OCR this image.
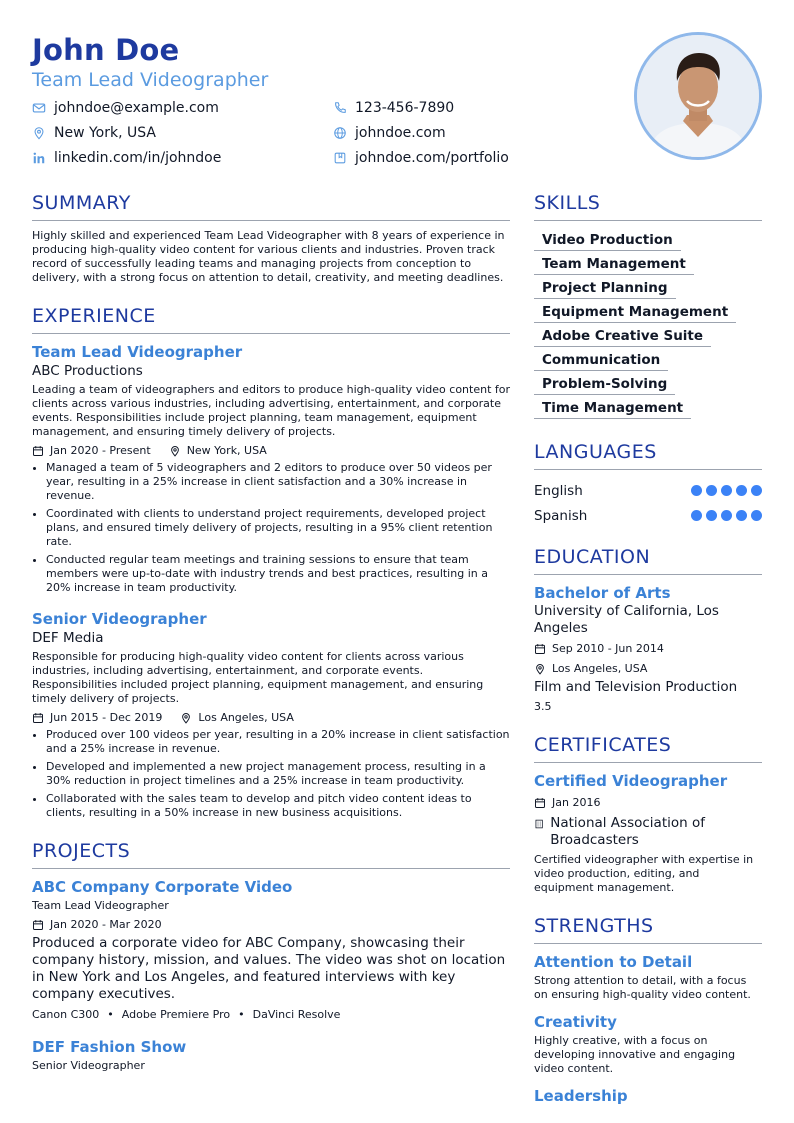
John Doe
Team Lead Videographer
johndoe@example.com	123-456-7890
New York, USA	johndoe.com
linkedin.com/in/johndoe	johndoe.com/portfolio
SUMMARY
Highly skilled and experienced Team Lead Videographer with 8 years of experience in producing high-quality video content for various clients and industries. Proven track record of successfully leading teams and managing projects from conception to delivery, with a strong focus on attention to detail, creativity, and meeting deadlines.
EXPERIENCE
Team Lead Videographer
ABC Productions
Leading a team of videographers and editors to produce high-quality video content for clients across various industries, including advertising, entertainment, and corporate events. Responsibilities include project planning, team management, equipment management, and ensuring timely delivery of projects.
Jan 2020 - Present	New York, USA
• Managed a team of 5 videographers and 2 editors to produce over 50 videos per year, resulting in a 25% increase in client satisfaction and a 30% increase in revenue.
• Coordinated with clients to understand project requirements, developed project plans, and ensured timely delivery of projects, resulting in a 95% client retention rate.
• Conducted regular team meetings and training sessions to ensure that team members were up-to-date with industry trends and best practices, resulting in a 20% increase in team productivity.
Senior Videographer
DEF Media
Responsible for producing high-quality video content for clients across various industries, including advertising, entertainment, and corporate events. Responsibilities included project planning, equipment management, and ensuring timely delivery of projects.
Jun 2015 - Dec 2019	Los Angeles, USA
• Produced over 100 videos per year, resulting in a 20% increase in client satisfaction and a 25% increase in revenue.
• Developed and implemented a new project management process, resulting in a 30% reduction in project timelines and a 25% increase in team productivity.
• Collaborated with the sales team to develop and pitch video content ideas to clients, resulting in a 50% increase in new business acquisitions.
PROJECTS
ABC Company Corporate Video
Team Lead Videographer
Jan 2020 - Mar 2020
Produced a corporate video for ABC Company, showcasing their company history, mission, and values. The video was shot on location in New York and Los Angeles, and featured interviews with key company executives.
Canon C300 • Adobe Premiere Pro • DaVinci Resolve
DEF Fashion Show
Senior Videographer
SKILLS
Video Production
Team Management
Project Planning
Equipment Management
Adobe Creative Suite
Communication
Problem-Solving
Time Management
LANGUAGES
English
Spanish
EDUCATION
Bachelor of Arts
University of California, Los Angeles
Sep 2010 - Jun 2014
Los Angeles, USA
Film and Television Production
3.5
CERTIFICATES
Certified Videographer
Jan 2016
National Association of Broadcasters
Certified videographer with expertise in video production, editing, and equipment management.
STRENGTHS
Attention to Detail
Strong attention to detail, with a focus on ensuring high-quality video content.
Creativity
Highly creative, with a focus on developing innovative and engaging video content.
Leadership
